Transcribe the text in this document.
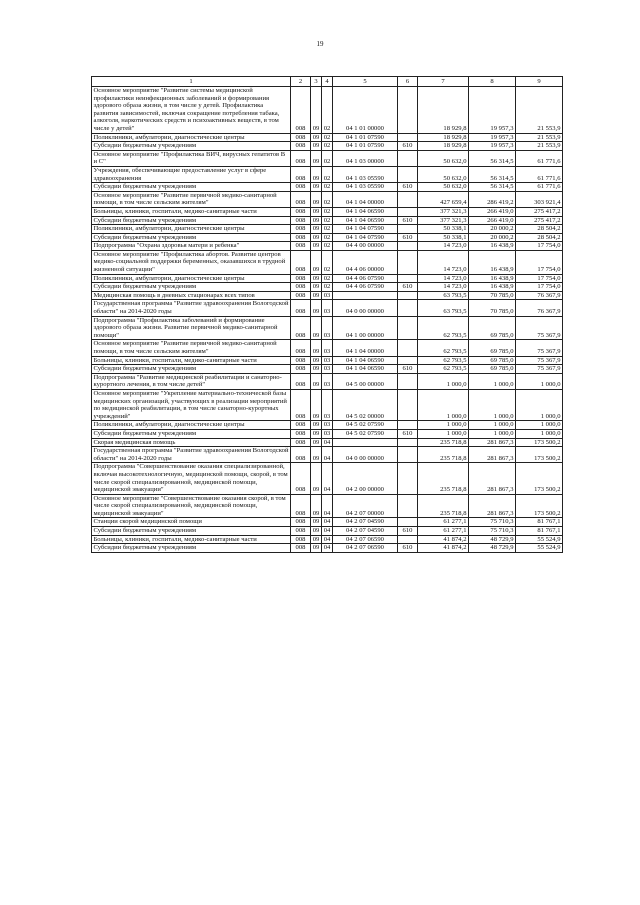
19
1	2	3	4	5	6	7	8	9
Основное мероприятие "Развитие системы медицинской профилактики неинфекционных заболеваний и формирования здорового образа жизни, в том числе у детей. Профилактика развития зависимостей, включая сокращение потребления табака, алкоголя, наркотических средств и психоактивных веществ, в том числе у детей"	008	09	02	04 1 01 00000		18 929,8	19 957,3	21 553,9
Поликлиники, амбулатории, диагностические центры	008	09	02	04 1 01 07590		18 929,8	19 957,3	21 553,9
Субсидии бюджетным учреждениям	008	09	02	04 1 01 07590	610	18 929,8	19 957,3	21 553,9
Основное мероприятие "Профилактика ВИЧ, вирусных гепатитов В и С"	008	09	02	04 1 03 00000		50 632,0	56 314,5	61 771,6
Учреждения, обеспечивающие предоставление услуг в сфере здравоохранения	008	09	02	04 1 03 05590		50 632,0	56 314,5	61 771,6
Субсидии бюджетным учреждениям	008	09	02	04 1 03 05590	610	50 632,0	56 314,5	61 771,6
Основное мероприятие "Развитие первичной медико-санитарной помощи, в том числе сельским жителям"	008	09	02	04 1 04 00000		427 659,4	286 419,2	303 921,4
Больницы, клиники, госпитали, медико-санитарные части	008	09	02	04 1 04 06590		377 321,3	266 419,0	275 417,2
Субсидии бюджетным учреждениям	008	09	02	04 1 04 06590	610	377 321,3	266 419,0	275 417,2
Поликлиники, амбулатории, диагностические центры	008	09	02	04 1 04 07590		50 338,1	20 000,2	28 504,2
Субсидии бюджетным учреждениям	008	09	02	04 1 04 07590	610	50 338,1	20 000,2	28 504,2
Подпрограмма "Охрана здоровья матери и ребенка"	008	09	02	04 4 00 00000		14 723,0	16 438,9	17 754,0
Основное мероприятие "Профилактика абортов. Развитие центров медико-социальной поддержки беременных, оказавшихся в трудной жизненной ситуации"	008	09	02	04 4 06 00000		14 723,0	16 438,9	17 754,0
Поликлиники, амбулатории, диагностические центры	008	09	02	04 4 06 07590		14 723,0	16 438,9	17 754,0
Субсидии бюджетным учреждениям	008	09	02	04 4 06 07590	610	14 723,0	16 438,9	17 754,0
Медицинская помощь в дневных стационарах всех типов	008	09	03			63 793,5	70 785,0	76 367,9
Государственная программа "Развитие здравоохранения Вологодской области" на 2014-2020 годы	008	09	03	04 0 00 00000		63 793,5	70 785,0	76 367,9
Подпрограмма "Профилактика заболеваний и формирование здорового образа жизни. Развитие первичной медико-санитарной помощи"	008	09	03	04 1 00 00000		62 793,5	69 785,0	75 367,9
Основное мероприятие "Развитие первичной медико-санитарной помощи, в том числе сельским жителям"	008	09	03	04 1 04 00000		62 793,5	69 785,0	75 367,9
Больницы, клиники, госпитали, медико-санитарные части	008	09	03	04 1 04 06590		62 793,5	69 785,0	75 367,9
Субсидии бюджетным учреждениям	008	09	03	04 1 04 06590	610	62 793,5	69 785,0	75 367,9
Подпрограмма "Развитие медицинской реабилитации и санаторно-курортного лечения, в том числе детей"	008	09	03	04 5 00 00000		1 000,0	1 000,0	1 000,0
Основное мероприятие "Укрепление материально-технической базы медицинских организаций, участвующих в реализации мероприятий по медицинской реабилитации, в том числе санаторно-курортных учреждений"	008	09	03	04 5 02 00000		1 000,0	1 000,0	1 000,0
Поликлиники, амбулатории, диагностические центры	008	09	03	04 5 02 07590		1 000,0	1 000,0	1 000,0
Субсидии бюджетным учреждениям	008	09	03	04 5 02 07590	610	1 000,0	1 000,0	1 000,0
Скорая медицинская помощь	008	09	04			235 718,8	281 867,3	173 500,2
Государственная программа "Развитие здравоохранения Вологодской области" на 2014-2020 годы	008	09	04	04 0 00 00000		235 718,8	281 867,3	173 500,2
Подпрограмма "Совершенствование оказания специализированной, включая высокотехнологичную, медицинской помощи, скорой, в том числе скорой специализированной, медицинской помощи, медицинской эвакуации"	008	09	04	04 2 00 00000		235 718,8	281 867,3	173 500,2
Основное мероприятие "Совершенствование оказания скорой, в том числе скорой специализированной, медицинской помощи, медицинской эвакуации"	008	09	04	04 2 07 00000		235 718,8	281 867,3	173 500,2
Станции скорой медицинской помощи	008	09	04	04 2 07 04590		61 277,1	75 710,3	81 767,1
Субсидии бюджетным учреждениям	008	09	04	04 2 07 04590	610	61 277,1	75 710,3	81 767,1
Больницы, клиники, госпитали, медико-санитарные части	008	09	04	04 2 07 06590		41 874,2	48 729,9	55 524,9
Субсидии бюджетным учреждениям	008	09	04	04 2 07 06590	610	41 874,2	48 729,9	55 524,9
